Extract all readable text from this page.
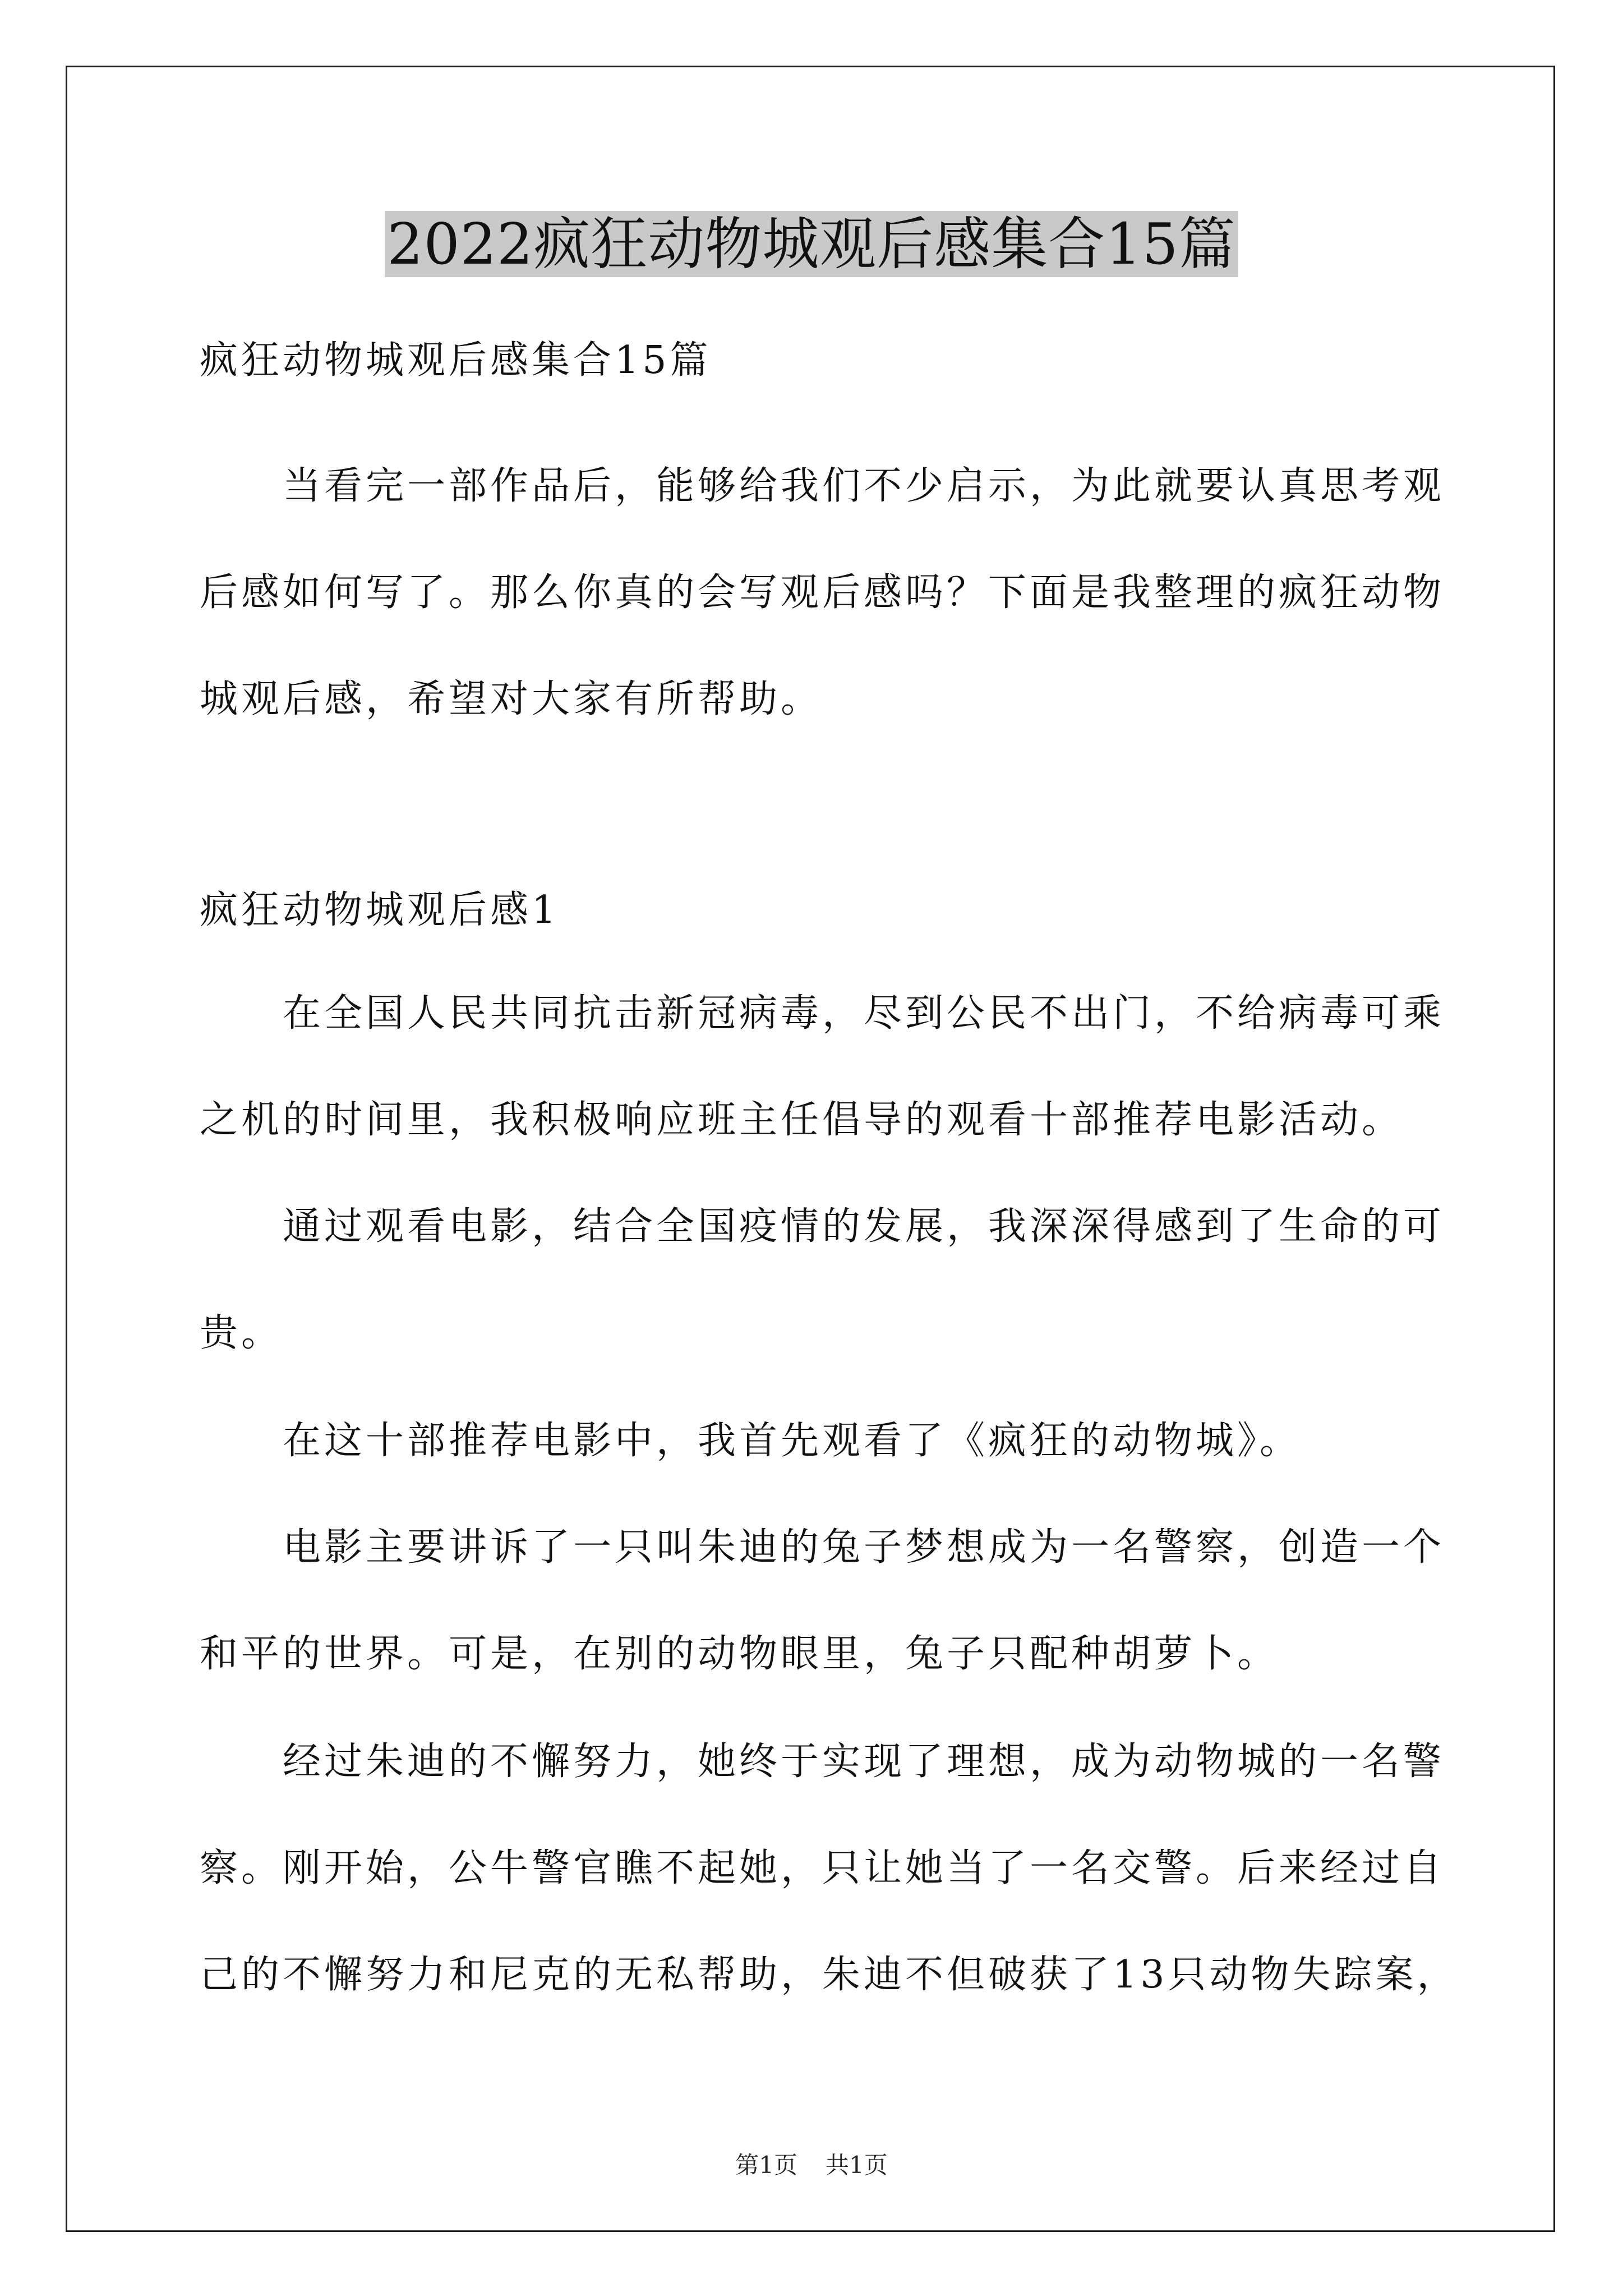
2022疯狂动物城观后感集合15篇

疯狂动物城观后感集合15篇

当看完一部作品后，能够给我们不少启示，为此就要认真思考观

后感如何写了。那么你真的会写观后感吗？下面是我整理的疯狂动物

城观后感，希望对大家有所帮助。

疯狂动物城观后感1

在全国人民共同抗击新冠病毒，尽到公民不出门，不给病毒可乘

之机的时间里，我积极响应班主任倡导的观看十部推荐电影活动。

通过观看电影，结合全国疫情的发展，我深深得感到了生命的可

贵。

在这十部推荐电影中，我首先观看了《疯狂的动物城》。

电影主要讲诉了一只叫朱迪的兔子梦想成为一名警察，创造一个

和平的世界。可是，在别的动物眼里，兔子只配种胡萝卜。

经过朱迪的不懈努力，她终于实现了理想，成为动物城的一名警

察。刚开始，公牛警官瞧不起她，只让她当了一名交警。后来经过自

己的不懈努力和尼克的无私帮助，朱迪不但破获了13只动物失踪案，

第1页 共1页
